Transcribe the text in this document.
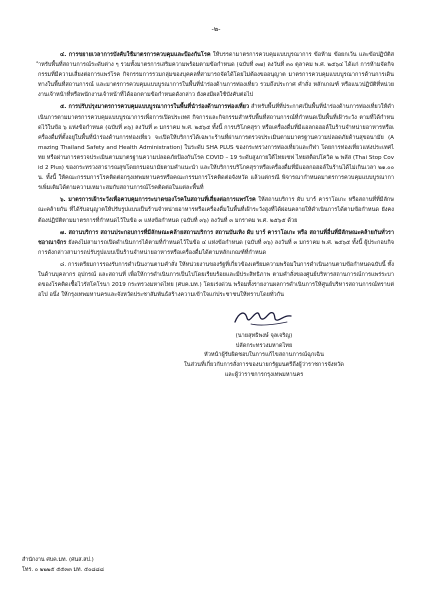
-๒-

๔. การขยายเวลาการบังคับใช้มาตรการควบคุมและป้องกันโรค ให้บรรดามาตรการควบคุมแบบบูรณาการ ข้อห้าม ข้อยกเว้น และข้อปฏิบัติสำหรับพื้นที่สถานการณ์ระดับต่าง ๆ รวมทั้งมาตรการเสริมความพร้อมตามข้อกำหนด (ฉบับที่ ๓๗) ลงวันที่ ๓๐ ตุลาคม พ.ศ. ๒๕๖๔ ได้แก่ การห้ามจัดกิจกรรมที่มีความเสี่ยงต่อการแพร่โรค กิจกรรมการรวมกลุ่มของบุคคลที่สามารถจัดได้โดยไม่ต้องขออนุญาต มาตรการควบคุมแบบบูรณาการด้านการเดินทางในพื้นที่สถานการณ์ และมาตรการควบคุมแบบบูรณาการในพื้นที่นำร่องด้านการท่องเที่ยว รวมถึงประกาศ คำสั่ง หลักเกณฑ์ หรือแนวปฏิบัติที่หน่วยงานเจ้าหน้าที่หรือพนักงานเจ้าหน้าที่ได้ออกตามข้อกำหนดดังกล่าว ยังคงมีผลใช้บังคับต่อไป

๕. การปรับปรุงมาตรการควบคุมแบบบูรณาการในพื้นที่นำร่องด้านการท่องเที่ยว สำหรับพื้นที่ที่ประกาศเป็นพื้นที่นำร่องด้านการท่องเที่ยวให้ดำเนินการตามมาตรการควบคุมแบบบูรณาการเพื่อการเปิดประเทศ กิจการและกิจกรรมสำหรับพื้นที่สถานการณ์ที่กำหนดเป็นพื้นที่เฝ้าระวัง ตามที่ได้กำหนดไว้ในข้อ ๖ แห่งข้อกำหนด (ฉบับที่ ๓๖) ลงวันที่ ๓ มกราคม พ.ศ. ๒๕๖๕ ทั้งนี้ การบริโภคสุรา หรือเครื่องดื่มที่มีแอลกอฮอล์ในร้านจำหน่ายอาหารหรือเครื่องดื่มที่ตั้งอยู่ในพื้นที่นำร่องด้านการท่องเที่ยว จะเปิดให้บริการได้เฉพาะร้านที่ผ่านการตรวจประเมินตามมาตรฐานความปลอดภัยด้านสุขอนามัย (Amazing Thailand Safety and Health Administration) ในระดับ SHA PLUS ของกระทรวงการท่องเที่ยวและกีฬา โดยการท่องเที่ยวแห่งประเทศไทย หรือผ่านการตรวจประเมินตามมาตรฐานความปลอดภัยป้องกันโรค COVID – 19 ระดับสูงภายใต้ไทยเซฟ ไทยสต็อปโควิด ๒ พลัส (Thai Stop Covid 2 Plus) ของกระทรวงสาธารณสุขโดยกรมอนามัยตามคำแนะนำ และให้บริการบริโภคสุราหรือเครื่องดื่มที่มีแอลกอฮอล์ในร้านได้ไม่เกินเวลา ๒๑.๐๐ น. ทั้งนี้ ให้คณะกรรมการโรคติดต่อกรุงเทพมหานครหรือคณะกรรมการโรคติดต่อจังหวัด แล้วแต่กรณี พิจารณากำหนดมาตรการควบคุมแบบบูรณาการเพิ่มเติมได้ตามความเหมาะสมกับสถานการณ์โรคติดต่อในแต่ละพื้นที่

๖. มาตรการเฝ้าระวังเพื่อควบคุมการระบาดของโรคในสถานที่เสี่ยงต่อการแพร่โรค ให้สถานบริการ ผับ บาร์ คาราโอเกะ หรือสถานที่ที่มีลักษณะคล้ายกัน ที่ได้รับอนุญาตให้ปรับรูปแบบเป็นร้านจำหน่ายอาหารหรือเครื่องดื่มในพื้นที่เฝ้าระวังสูงที่ได้ผ่อนคลายให้ดำเนินการได้ตามข้อกำหนด ยังคงต้องปฏิบัติตามมาตรการที่กำหนดไว้ในข้อ ๓ แห่งข้อกำหนด (ฉบับที่ ๓๖) ลงวันที่ ๓ มกราคม พ.ศ. ๒๕๖๕ ด้วย

๗. สถานบริการ สถานประกอบการที่มีลักษณะคล้ายสถานบริการ สถานบันเทิง ผับ บาร์ คาราโอเกะ หรือ สถานที่อื่นที่มีลักษณะคล้ายกันทั่วราชอาณาจักร ยังคงไม่สามารถเปิดดำเนินการได้ตามที่กำหนดไว้ในข้อ ๔ แห่งข้อกำหนด (ฉบับที่ ๓๖) ลงวันที่ ๓ มกราคม พ.ศ. ๒๕๖๕ ทั้งนี้ ผู้ประกอบกิจการดังกล่าวสามารถปรับรูปแบบเป็นร้านจำหน่ายอาหารหรือเครื่องดื่มได้ตามหลักเกณฑ์ที่กำหนด

๘. การเตรียมการรองรับการดำเนินงานตามคำสั่ง ให้หน่วยงานของรัฐที่เกี่ยวข้องเตรียมความพร้อมในการดำเนินงานตามข้อกำหนดฉบับนี้ ทั้งในด้านบุคลากร อุปกรณ์ และสถานที่ เพื่อให้การดำเนินการเป็นไปโดยเรียบร้อยและมีประสิทธิภาพ ตามคำสั่งของศูนย์บริหารสถานการณ์การแพร่ระบาดของโรคติดเชื้อไวรัสโคโรนา 2019 กระทรวงมหาดไทย (ศบค.มท.) โดยเร่งด่วน พร้อมทั้งรายงานผลการดำเนินการให้ศูนย์บริหารสถานการณ์ทราบต่อไป อนึ่ง ให้กรุงเทพมหานครและจังหวัดประชาสัมพันธ์สร้างความเข้าใจแก่ประชาชนให้ทราบโดยทั่วกัน

(นายสุทธิพงษ์ จุลเจริญ)
ปลัดกระทรวงมหาดไทย
หัวหน้าผู้รับผิดชอบในการแก้ไขสถานการณ์ฉุกเฉิน
ในส่วนที่เกี่ยวกับการสั่งการของนายกรัฐมนตรีถึงผู้ว่าราชการจังหวัด
และผู้ว่าราชการกรุงเทพมหานคร
สำนักงาน ศบค.มท. (ศนส.สป.)
โทร. ๐ ๒๒๒๕ ๕๕๓๓ มท. ๕๐๘๘๘
